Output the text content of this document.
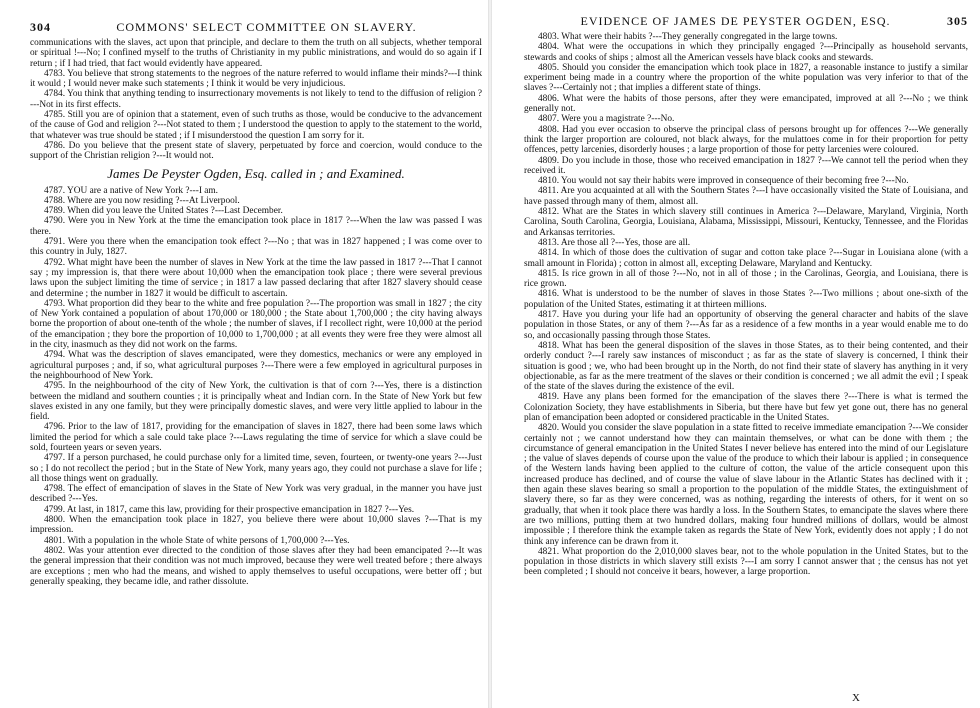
304	COMMONS' SELECT COMMITTEE ON SLAVERY.

communications with the slaves, act upon that principle, and declare to them the truth on all subjects, whether temporal or spiritual !---No; I confined myself to the truths of Christianity in my public ministrations, and would do so again if I return ; if I had tried, that fact would evidently have appeared.

4783. You believe that strong statements to the negroes of the nature referred to would inflame their minds?---I think it would ; I would never make such statements ; I think it would be very injudicious.

4784. You think that anything tending to insurrectionary movements is not likely to tend to the diffusion of religion ?---Not in its first effects.

4785. Still you are of opinion that a statement, even of such truths as those, would be conducive to the advancement of the cause of God and religion ?---Not stated to them ; I understood the question to apply to the statement to the world, that whatever was true should be stated ; if I misunderstood the question I am sorry for it.

4786. Do you believe that the present state of slavery, perpetuated by force and coercion, would conduce to the support of the Christian religion ?---It would not.

James De Peyster Ogden, Esq. called in ; and Examined.

4787. YOU are a native of New York ?---I am.

4788. Where are you now residing ?---At Liverpool.

4789. When did you leave the United States ?---Last December.

4790. Were you in New York at the time the emancipation took place in 1817 ?---When the law was passed I was there.

4791. Were you there when the emancipation took effect ?---No ; that was in 1827 happened ; I was come over to this country in July, 1827.

4792. What might have been the number of slaves in New York at the time the law passed in 1817 ?---That I cannot say ; my impression is, that there were about 10,000 when the emancipation took place ; there were several previous laws upon the subject limiting the time of service ; in 1817 a law passed declaring that after 1827 slavery should cease and determine ; the number in 1827 it would be difficult to ascertain.

4793. What proportion did they bear to the white and free population ?---The proportion was small in 1827 ; the city of New York contained a population of about 170,000 or 180,000 ; the State about 1,700,000 ; the city having always borne the proportion of about one-tenth of the whole ; the number of slaves, if I recollect right, were 10,000 at the period of the emancipation ; they bore the proportion of 10,000 to 1,700,000 ; at all events they were free they were almost all in the city, inasmuch as they did not work on the farms.

4794. What was the description of slaves emancipated, were they domestics, mechanics or were any employed in agricultural purposes ; and, if so, what agricultural purposes ?---There were a few employed in agricultural purposes in the neighbourhood of New York.

4795. In the neighbourhood of the city of New York, the cultivation is that of corn ?---Yes, there is a distinction between the midland and southern counties ; it is principally wheat and Indian corn. In the State of New York but few slaves existed in any one family, but they were principally domestic slaves, and were very little applied to labour in the field.

4796. Prior to the law of 1817, providing for the emancipation of slaves in 1827, there had been some laws which limited the period for which a sale could take place ?---Laws regulating the time of service for which a slave could be sold, fourteen years or seven years.

4797. If a person purchased, he could purchase only for a limited time, seven, fourteen, or twenty-one years ?---Just so ; I do not recollect the period ; but in the State of New York, many years ago, they could not purchase a slave for life ; all those things went on gradually.

4798. The effect of emancipation of slaves in the State of New York was very gradual, in the manner you have just described ?---Yes.

4799. At last, in 1817, came this law, providing for their prospective emancipation in 1827 ?---Yes.

4800. When the emancipation took place in 1827, you believe there were about 10,000 slaves ?---That is my impression.

4801. With a population in the whole State of white persons of 1,700,000 ?---Yes.

4802. Was your attention ever directed to the condition of those slaves after they had been emancipated ?---It was the general impression that their condition was not much improved, because they were well treated before ; there always are exceptions ; men who had the means, and wished to apply themselves to useful occupations, were better off ; but generally speaking, they became idle, and rather dissolute.

EVIDENCE OF JAMES DE PEYSTER OGDEN, ESQ.	305

4803. What were their habits ?---They generally congregated in the large towns.

4804. What were the occupations in which they principally engaged ?---Principally as household servants, stewards and cooks of ships ; almost all the American vessels have black cooks and stewards.

4805. Should you consider the emancipation which took place in 1827, a reasonable instance to justify a similar experiment being made in a country where the proportion of the white population was very inferior to that of the slaves ?---Certainly not ; that implies a different state of things.

4806. What were the habits of those persons, after they were emancipated, improved at all ?---No ; we think generally not.

4807. Were you a magistrate ?---No.

4808. Had you ever occasion to observe the principal class of persons brought up for offences ?---We generally think the larger proportion are coloured, not black always, for the mulattoes come in for their proportion for petty offences, petty larcenies, disorderly houses ; a large proportion of those for petty larcenies were coloured.

4809. Do you include in those, those who received emancipation in 1827 ?---We cannot tell the period when they received it.

4810. You would not say their habits were improved in consequence of their becoming free ?---No.

4811. Are you acquainted at all with the Southern States ?---I have occasionally visited the State of Louisiana, and have passed through many of them, almost all.

4812. What are the States in which slavery still continues in America ?---Delaware, Maryland, Virginia, North Carolina, South Carolina, Georgia, Louisiana, Alabama, Mississippi, Missouri, Kentucky, Tennessee, and the Floridas and Arkansas territories.

4813. Are those all ?---Yes, those are all.

4814. In which of those does the cultivation of sugar and cotton take place ?---Sugar in Louisiana alone (with a small amount in Florida) ; cotton in almost all, excepting Delaware, Maryland and Kentucky.

4815. Is rice grown in all of those ?---No, not in all of those ; in the Carolinas, Georgia, and Louisiana, there is rice grown.

4816. What is understood to be the number of slaves in those States ?---Two millions ; about one-sixth of the population of the United States, estimating it at thirteen millions.

4817. Have you during your life had an opportunity of observing the general character and habits of the slave population in those States, or any of them ?---As far as a residence of a few months in a year would enable me to do so, and occasionally passing through those States.

4818. What has been the general disposition of the slaves in those States, as to their being contented, and their orderly conduct ?---I rarely saw instances of misconduct ; as far as the state of slavery is concerned, I think their situation is good ; we, who had been brought up in the North, do not find their state of slavery has anything in it very objectionable, as far as the mere treatment of the slaves or their condition is concerned ; we all admit the evil ; I speak of the state of the slaves during the existence of the evil.

4819. Have any plans been formed for the emancipation of the slaves there ?---There is what is termed the Colonization Society, they have establishments in Siberia, but there have but few yet gone out, there has no general plan of emancipation been adopted or considered practicable in the United States.

4820. Would you consider the slave population in a state fitted to receive immediate emancipation ?---We consider certainly not ; we cannot understand how they can maintain themselves, or what can be done with them ; the circumstance of general emancipation in the United States I never believe has entered into the mind of our Legislature ; the value of slaves depends of course upon the value of the produce to which their labour is applied ; in consequence of the Western lands having been applied to the culture of cotton, the value of the article consequent upon this increased produce has declined, and of course the value of slave labour in the Atlantic States has declined with it ; then again these slaves bearing so small a proportion to the population of the middle States, the extinguishment of slavery there, so far as they were concerned, was as nothing, regarding the interests of others, for it went on so gradually, that when it took place there was hardly a loss. In the Southern States, to emancipate the slaves where there are two millions, putting them at two hundred dollars, making four hundred millions of dollars, would be almost impossible ; I therefore think the example taken as regards the State of New York, evidently does not apply ; I do not think any inference can be drawn from it.

4821. What proportion do the 2,010,000 slaves bear, not to the whole population in the United States, but to the population in those districts in which slavery still exists ?---I am sorry I cannot answer that ; the census has not yet been completed ; I should not conceive it bears, however, a large proportion.

X
